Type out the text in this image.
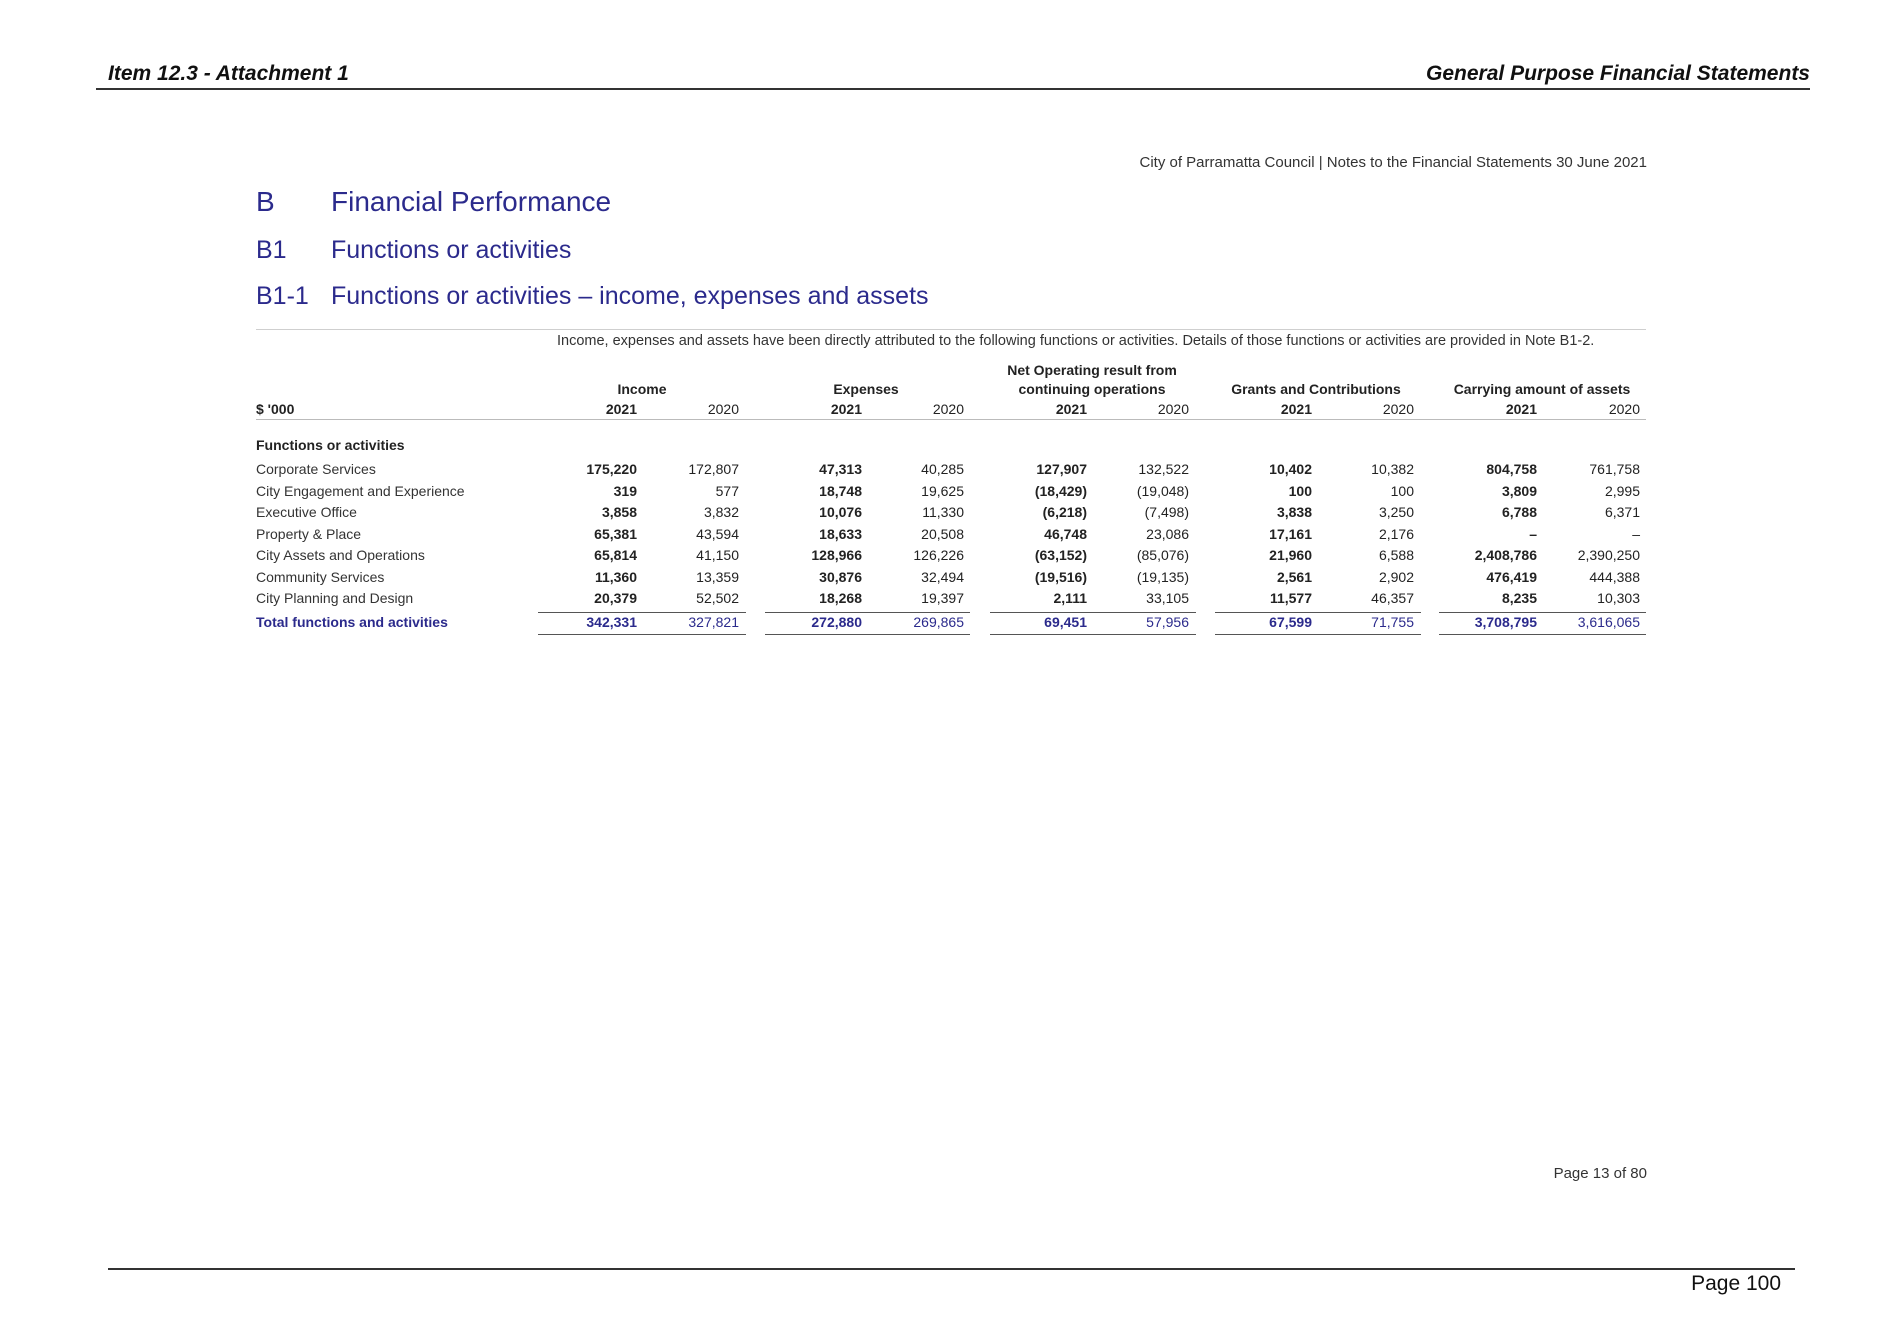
Item 12.3 - Attachment 1	General Purpose Financial Statements
City of Parramatta Council | Notes to the Financial Statements 30 June 2021
B Financial Performance
B1 Functions or activities
B1-1 Functions or activities – income, expenses and assets
Income, expenses and assets have been directly attributed to the following functions or activities. Details of those functions or activities are provided in Note B1-2.
Income	Expenses
Net Operating result from
continuing operations	Grants and Contributions	Carrying amount of assets
$ '000	2021	2020	2021	2020	2021	2020	2021	2020	2021	2020
Functions or activities
Corporate Services	175,220	172,807	47,313	40,285	127,907	132,522	10,402	10,382	804,758	761,758
City Engagement and Experience	319	577	18,748	19,625	(18,429)	(19,048)	100	100	3,809	2,995
Executive Office	3,858	3,832	10,076	11,330	(6,218)	(7,498)	3,838	3,250	6,788	6,371
Property & Place	65,381	43,594	18,633	20,508	46,748	23,086	17,161	2,176	–	–
City Assets and Operations	65,814	41,150	128,966	126,226	(63,152)	(85,076)	21,960	6,588	2,408,786	2,390,250
Community Services	11,360	13,359	30,876	32,494	(19,516)	(19,135)	2,561	2,902	476,419	444,388
City Planning and Design	20,379	52,502	18,268	19,397	2,111	33,105	11,577	46,357	8,235	10,303
Total functions and activities	342,331	327,821	272,880	269,865	69,451	57,956	67,599	71,755	3,708,795	3,616,065
Page 13 of 80
Page 100
